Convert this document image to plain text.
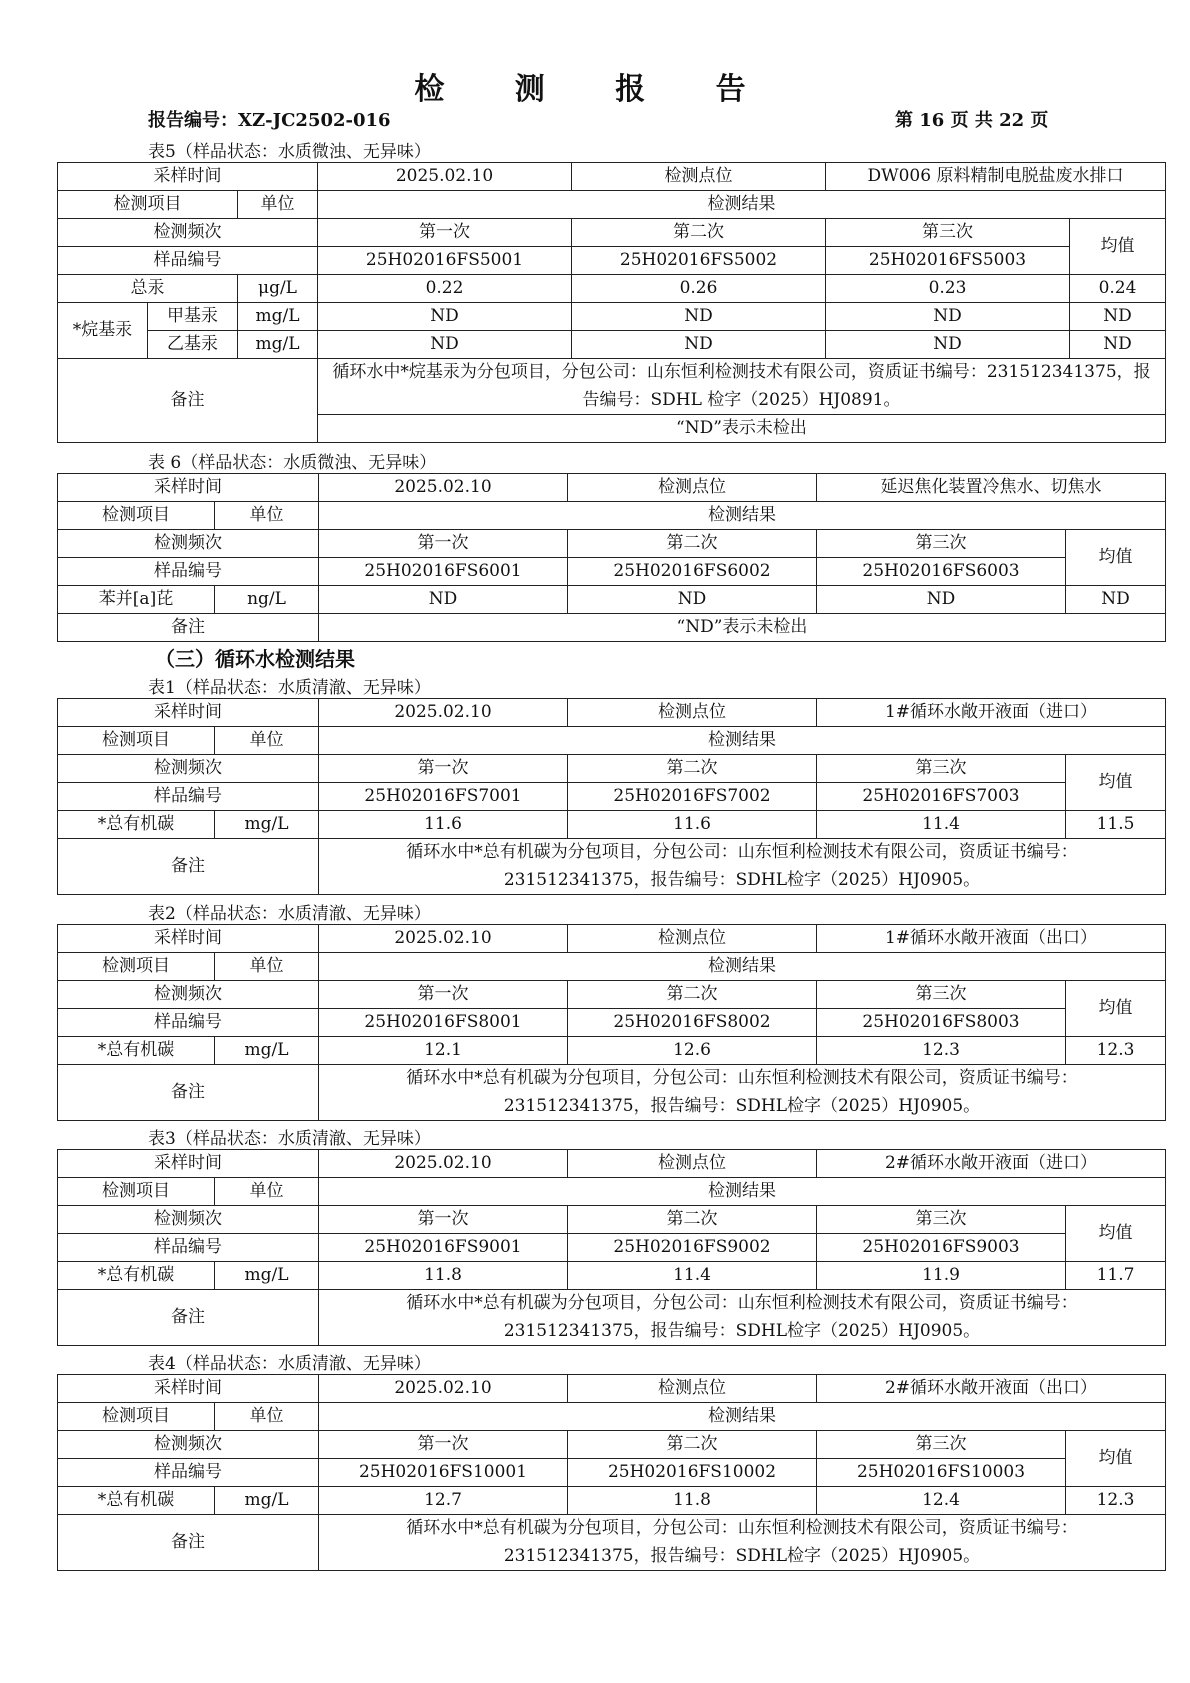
检 测 报 告
报告编号：XZ-JC2502-016	第 16 页 共 22 页
表5（样品状态：水质微浊、无异味）
采样时间			2025.02.10	检测点位	DW006 原料精制电脱盐废水排口	
检测项目		单位	检测结果			
检测频次			第一次	第二次	第三次	均值
样品编号			25H02016FS5001	25H02016FS5002	25H02016FS5003	
总汞		μg/L	0.22	0.26	0.23	0.24
*烷基汞	甲基汞	mg/L	ND	ND	ND	ND
	乙基汞	mg/L	ND	ND	ND	ND
备注			循环水中*烷基汞为分包项目，分包公司：山东恒利检测技术有限公司，资质证书编号：231512341375，报告编号：SDHL 检字（2025）HJ0891。			
			“ND”表示未检出			
表 6（样品状态：水质微浊、无异味）
采样时间		2025.02.10	检测点位	延迟焦化装置冷焦水、切焦水	
检测项目	单位	检测结果			
检测频次		第一次	第二次	第三次	均值
样品编号		25H02016FS6001	25H02016FS6002	25H02016FS6003	
苯并[a]芘	ng/L	ND	ND	ND	ND
备注		“ND”表示未检出			
（三）循环水检测结果
表1（样品状态：水质清澈、无异味）
采样时间		2025.02.10	检测点位	1#循环水敞开液面（进口）	
检测项目	单位	检测结果			
检测频次		第一次	第二次	第三次	均值
样品编号		25H02016FS7001	25H02016FS7002	25H02016FS7003	
*总有机碳	mg/L	11.6	11.6	11.4	11.5
备注		循环水中*总有机碳为分包项目，分包公司：山东恒利检测技术有限公司，资质证书编号：231512341375，报告编号：SDHL检字（2025）HJ0905。			
表2（样品状态：水质清澈、无异味）
采样时间		2025.02.10	检测点位	1#循环水敞开液面（出口）	
检测项目	单位	检测结果			
检测频次		第一次	第二次	第三次	均值
样品编号		25H02016FS8001	25H02016FS8002	25H02016FS8003	
*总有机碳	mg/L	12.1	12.6	12.3	12.3
备注		循环水中*总有机碳为分包项目，分包公司：山东恒利检测技术有限公司，资质证书编号：231512341375，报告编号：SDHL检字（2025）HJ0905。			
表3（样品状态：水质清澈、无异味）
采样时间		2025.02.10	检测点位	2#循环水敞开液面（进口）	
检测项目	单位	检测结果			
检测频次		第一次	第二次	第三次	均值
样品编号		25H02016FS9001	25H02016FS9002	25H02016FS9003	
*总有机碳	mg/L	11.8	11.4	11.9	11.7
备注		循环水中*总有机碳为分包项目，分包公司：山东恒利检测技术有限公司，资质证书编号：231512341375，报告编号：SDHL检字（2025）HJ0905。			
表4（样品状态：水质清澈、无异味）
采样时间		2025.02.10	检测点位	2#循环水敞开液面（出口）	
检测项目	单位	检测结果			
检测频次		第一次	第二次	第三次	均值
样品编号		25H02016FS10001	25H02016FS10002	25H02016FS10003	
*总有机碳	mg/L	12.7	11.8	12.4	12.3
备注		循环水中*总有机碳为分包项目，分包公司：山东恒利检测技术有限公司，资质证书编号：231512341375，报告编号：SDHL检字（2025）HJ0905。			
